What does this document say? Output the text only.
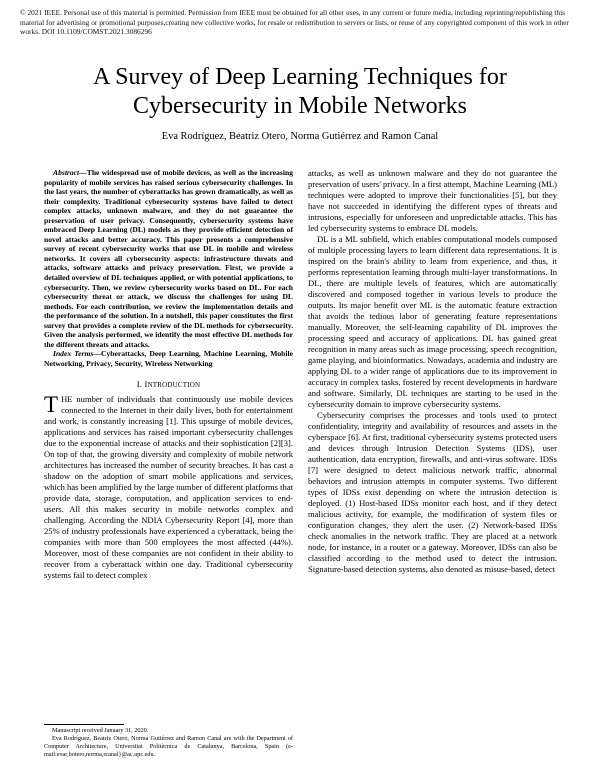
© 2021 IEEE. Personal use of this material is permitted. Permission from IEEE must be obtained for all other uses, in any current or future media, including reprinting/republishing this material for advertising or promotional purposes,creating new collective works, for resale or redistribution to servers or lists, or reuse of any copyrighted component of this work in other works. DOI 10.1109/COMST.2021.3086296
A Survey of Deep Learning Techniques for
Cybersecurity in Mobile Networks
Eva Rodríguez, Beatriz Otero, Norma Gutiérrez and Ramon Canal

Abstract—The widespread use of mobile devices, as well as the increasing popularity of mobile services has raised serious cybersecurity challenges. In the last years, the number of cyberattacks has grown dramatically, as well as their complexity. Traditional cybersecurity systems have failed to detect complex attacks, unknown malware, and they do not guarantee the preservation of user privacy. Consequently, cybersecurity systems have embraced Deep Learning (DL) models as they provide efficient detection of novel attacks and better accuracy. This paper presents a comprehensive survey of recent cybersecurity works that use DL in mobile and wireless networks. It covers all cybersecurity aspects: infrastructure threats and attacks, software attacks and privacy preservation. First, we provide a detailed overview of DL techniques applied, or with potential applications, to cybersecurity. Then, we review cybersecurity works based on DL. For each cybersecurity threat or attack, we discuss the challenges for using DL methods. For each contribution, we review the implementation details and the performance of the solution. In a nutshell, this paper constitutes the first survey that provides a complete review of the DL methods for cybersecurity. Given the analysis performed, we identify the most effective DL methods for the different threats and attacks.

Index Terms—Cyberattacks, Deep Learning, Machine Learning, Mobile Networking, Privacy, Security, Wireless Networking

I. INTRODUCTION

THE number of individuals that continuously use mobile devices connected to the Internet in their daily lives, both for entertainment and work, is constantly increasing [1]. This upsurge of mobile devices, applications and services has raised important cybersecurity challenges due to the exponential increase of attacks and their sophistication [2][3]. On top of that, the growing diversity and complexity of mobile network architectures has increased the number of security breaches. It has cast a shadow on the adoption of smart mobile applications and services, which has been amplified by the large number of different platforms that provide data, storage, computation, and application services to end-users. All this makes security in mobile networks complex and challenging. According the NDIA Cybersecurity Report [4], more than 25% of industry professionals have experienced a cyberattack, being the companies with more than 500 employees the most affected (44%). Moreover, most of these companies are not confident in their ability to recover from a cyberattack within one day. Traditional cybersecurity systems fail to detect complex

attacks, as well as unknown malware and they do not guarantee the preservation of users' privacy. In a first attempt, Machine Learning (ML) techniques were adopted to improve their functionalities [5], but they have not succeeded in identifying the different types of threats and intrusions, especially for unforeseen and unpredictable attacks. This has led cybersecurity systems to embrace DL models.

DL is a ML subfield, which enables computational models composed of multiple processing layers to learn different data representations. It is inspired on the brain's ability to learn from experience, and thus, it performs representation learning through multi-layer transformations. In DL, there are multiple levels of features, which are automatically discovered and composed together in various levels to produce the outputs. Its major benefit over ML is the automatic feature extraction that avoids the tedious labor of generating feature representations manually. Moreover, the self-learning capability of DL improves the processing speed and accuracy of applications. DL has gained great recognition in many areas such as image processing, speech recognition, game playing, and bioinformatics. Nowadays, academia and industry are applying DL to a wider range of applications due to its improvement in accuracy in complex tasks, fostered by recent developments in hardware and software. Similarly, DL techniques are starting to be used in the cybersecurity domain to improve cybersecurity systems.

Cybersecurity comprises the processes and tools used to protect confidentiality, integrity and availability of resources and assets in the cyberspace [6]. At first, traditional cybersecurity systems protected users and devices through Intrusion Detection Systems (IDS), user authentication, data encryption, firewalls, and anti-virus software. IDSs [7] were designed to detect malicious network traffic, abnormal behaviors and intrusion attempts in computer systems. Two different types of IDSs exist depending on where the intrusion detection is deployed. (1) Host-based IDSs monitor each host, and if they detect malicious activity, for example, the modification of system files or configuration changes, they alert the user. (2) Network-based IDSs check anomalies in the network traffic. They are placed at a network node, for instance, in a router or a gateway. Moreover, IDSs can also be classified according to the method used to detect the intrusion. Signature-based detection systems, also denoted as misuse-based, detect

Manuscript received January 31, 2020.
Eva Rodríguez, Beatriz Otero, Norma Gutiérrez and Ramon Canal are with the Department of Computer Architecture, Universitat Politècnica de Catalunya, Barcelona, Spain (e-mail:evar,botero,norma,rcanal}@ac.upc.edu.
